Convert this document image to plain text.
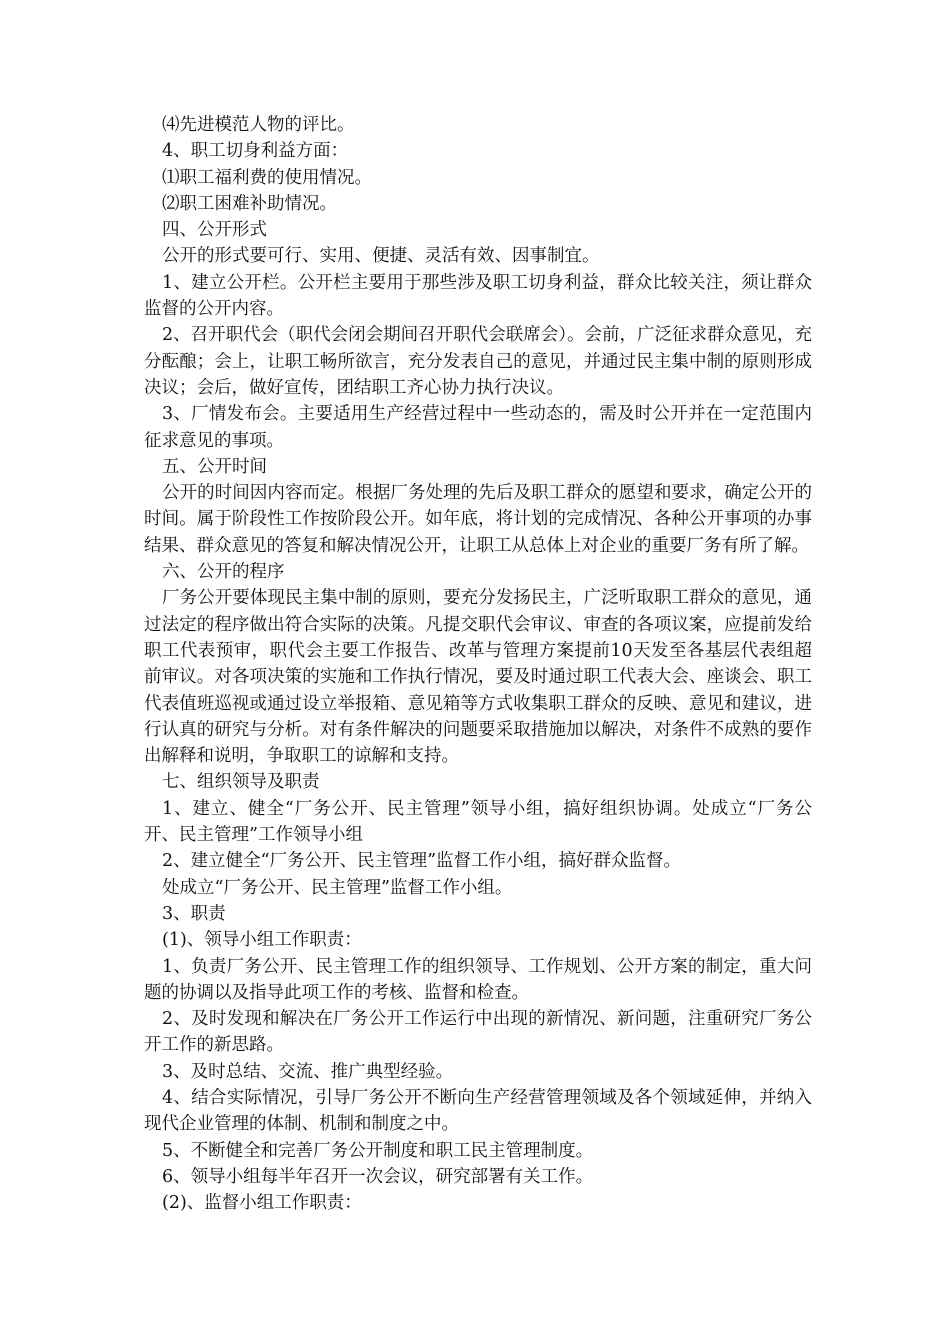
⑷先进模范人物的评比。

4、职工切身利益方面：

⑴职工福利费的使用情况。

⑵职工困难补助情况。

四、公开形式

公开的形式要可行、实用、便捷、灵活有效、因事制宜。

1、建立公开栏。公开栏主要用于那些涉及职工切身利益，群众比较关注，须让群众监督的公开内容。

2、召开职代会（职代会闭会期间召开职代会联席会）。会前，广泛征求群众意见，充分酝酿；会上，让职工畅所欲言，充分发表自己的意见，并通过民主集中制的原则形成决议；会后，做好宣传，团结职工齐心协力执行决议。

3、厂情发布会。主要适用生产经营过程中一些动态的，需及时公开并在一定范围内征求意见的事项。

五、公开时间

公开的时间因内容而定。根据厂务处理的先后及职工群众的愿望和要求，确定公开的时间。属于阶段性工作按阶段公开。如年底，将计划的完成情况、各种公开事项的办事结果、群众意见的答复和解决情况公开，让职工从总体上对企业的重要厂务有所了解。

六、公开的程序

厂务公开要体现民主集中制的原则，要充分发扬民主，广泛听取职工群众的意见，通过法定的程序做出符合实际的决策。凡提交职代会审议、审查的各项议案，应提前发给职工代表预审，职代会主要工作报告、改革与管理方案提前10天发至各基层代表组超前审议。对各项决策的实施和工作执行情况，要及时通过职工代表大会、座谈会、职工代表值班巡视或通过设立举报箱、意见箱等方式收集职工群众的反映、意见和建议，进行认真的研究与分析。对有条件解决的问题要采取措施加以解决，对条件不成熟的要作出解释和说明，争取职工的谅解和支持。

七、组织领导及职责

1、建立、健全“厂务公开、民主管理”领导小组，搞好组织协调。处成立“厂务公开、民主管理”工作领导小组

2、建立健全“厂务公开、民主管理”监督工作小组，搞好群众监督。

处成立“厂务公开、民主管理”监督工作小组。

3、职责

(1)、领导小组工作职责：

1、负责厂务公开、民主管理工作的组织领导、工作规划、公开方案的制定，重大问题的协调以及指导此项工作的考核、监督和检查。

2、及时发现和解决在厂务公开工作运行中出现的新情况、新问题，注重研究厂务公开工作的新思路。

3、及时总结、交流、推广典型经验。

4、结合实际情况，引导厂务公开不断向生产经营管理领域及各个领域延伸，并纳入现代企业管理的体制、机制和制度之中。

5、不断健全和完善厂务公开制度和职工民主管理制度。

6、领导小组每半年召开一次会议，研究部署有关工作。

(2)、监督小组工作职责：
